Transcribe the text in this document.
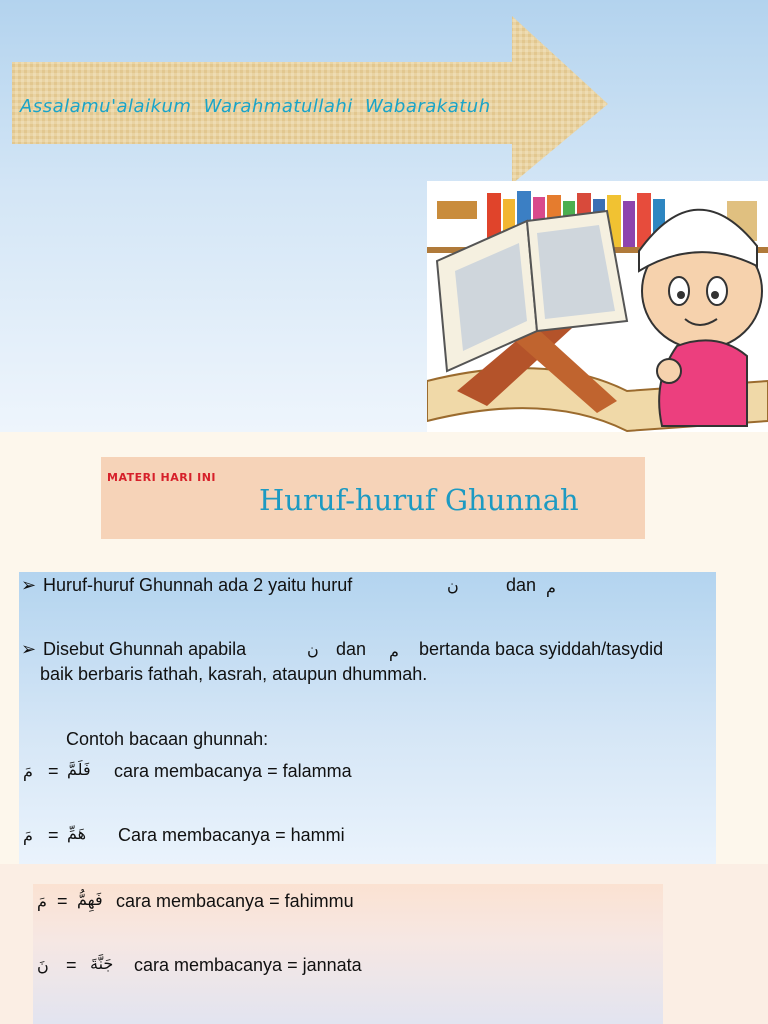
Assalamu'alaikum Warahmatullahi Wabarakatuh
MATERI HARI INI
Huruf-huruf Ghunnah
➢ Huruf-huruf Ghunnah ada 2 yaitu huruf	ن	dan م
➢ Disebut Ghunnah apabila	ن dan م bertanda baca syiddah/tasydid
baik berbaris fathah, kasrah, ataupun dhummah.
Contoh bacaan ghunnah:
مَ = فَلَمَّ cara membacanya = falamma
مَ = هَمِّ Cara membacanya = hammi
مَ = فَهِمُّ cara membacanya = fahimmu
نَ = جَنَّةَ cara membacanya = jannata
